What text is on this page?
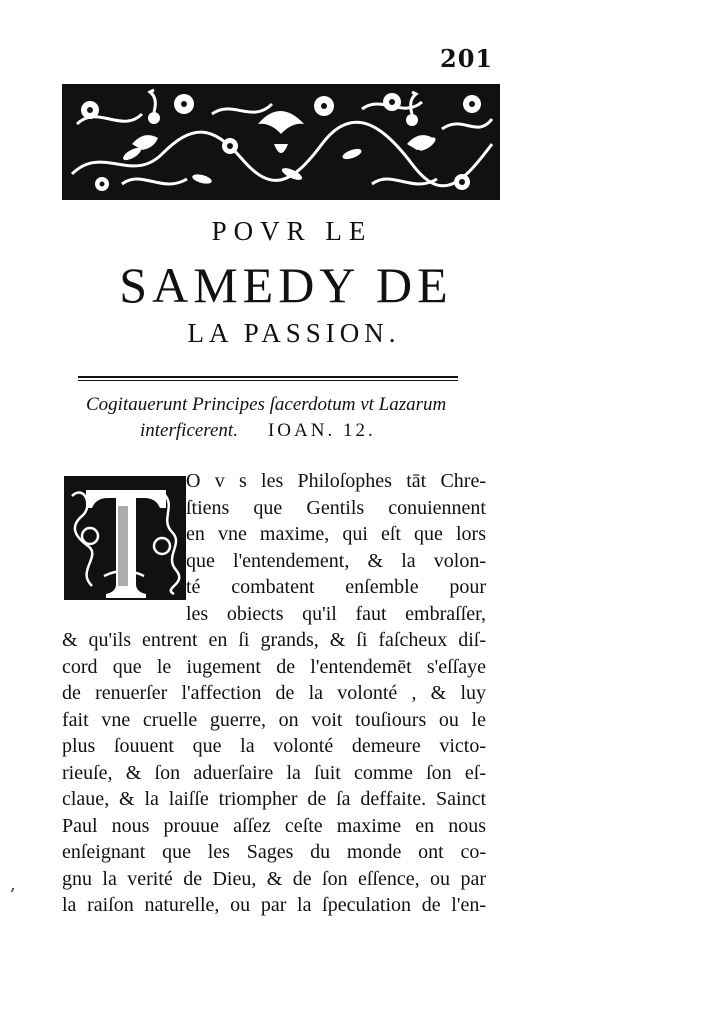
201
POVR LE
SAMEDY DE
LA PASSION.
Cogitauerunt Principes ſacerdotum vt Lazarum
interficerent. IOAN. 12.
O v s les Philoſophes tāt Chre-
ſtiens que Gentils conuiennent
en vne maxime, qui eſt que lors
que l'entendement, & la volon-
té combatent enſemble pour
les obiects qu'il faut embraſſer,
& qu'ils entrent en ſi grands, & ſi faſcheux diſ-
cord que le iugement de l'entendemēt s'eſſaye
de renuerſer l'affection de la volonté , & luy
fait vne cruelle guerre, on voit touſiours ou le
plus ſouuent que la volonté demeure victo-
rieuſe, & ſon aduerſaire la ſuit comme ſon eſ-
claue, & la laiſſe triompher de ſa deffaite. Sainct
Paul nous prouue aſſez ceſte maxime en nous
enſeignant que les Sages du monde ont co-
gnu la verité de Dieu, & de ſon eſſence, ou par
la raiſon naturelle, ou par la ſpeculation de l'en-
,
